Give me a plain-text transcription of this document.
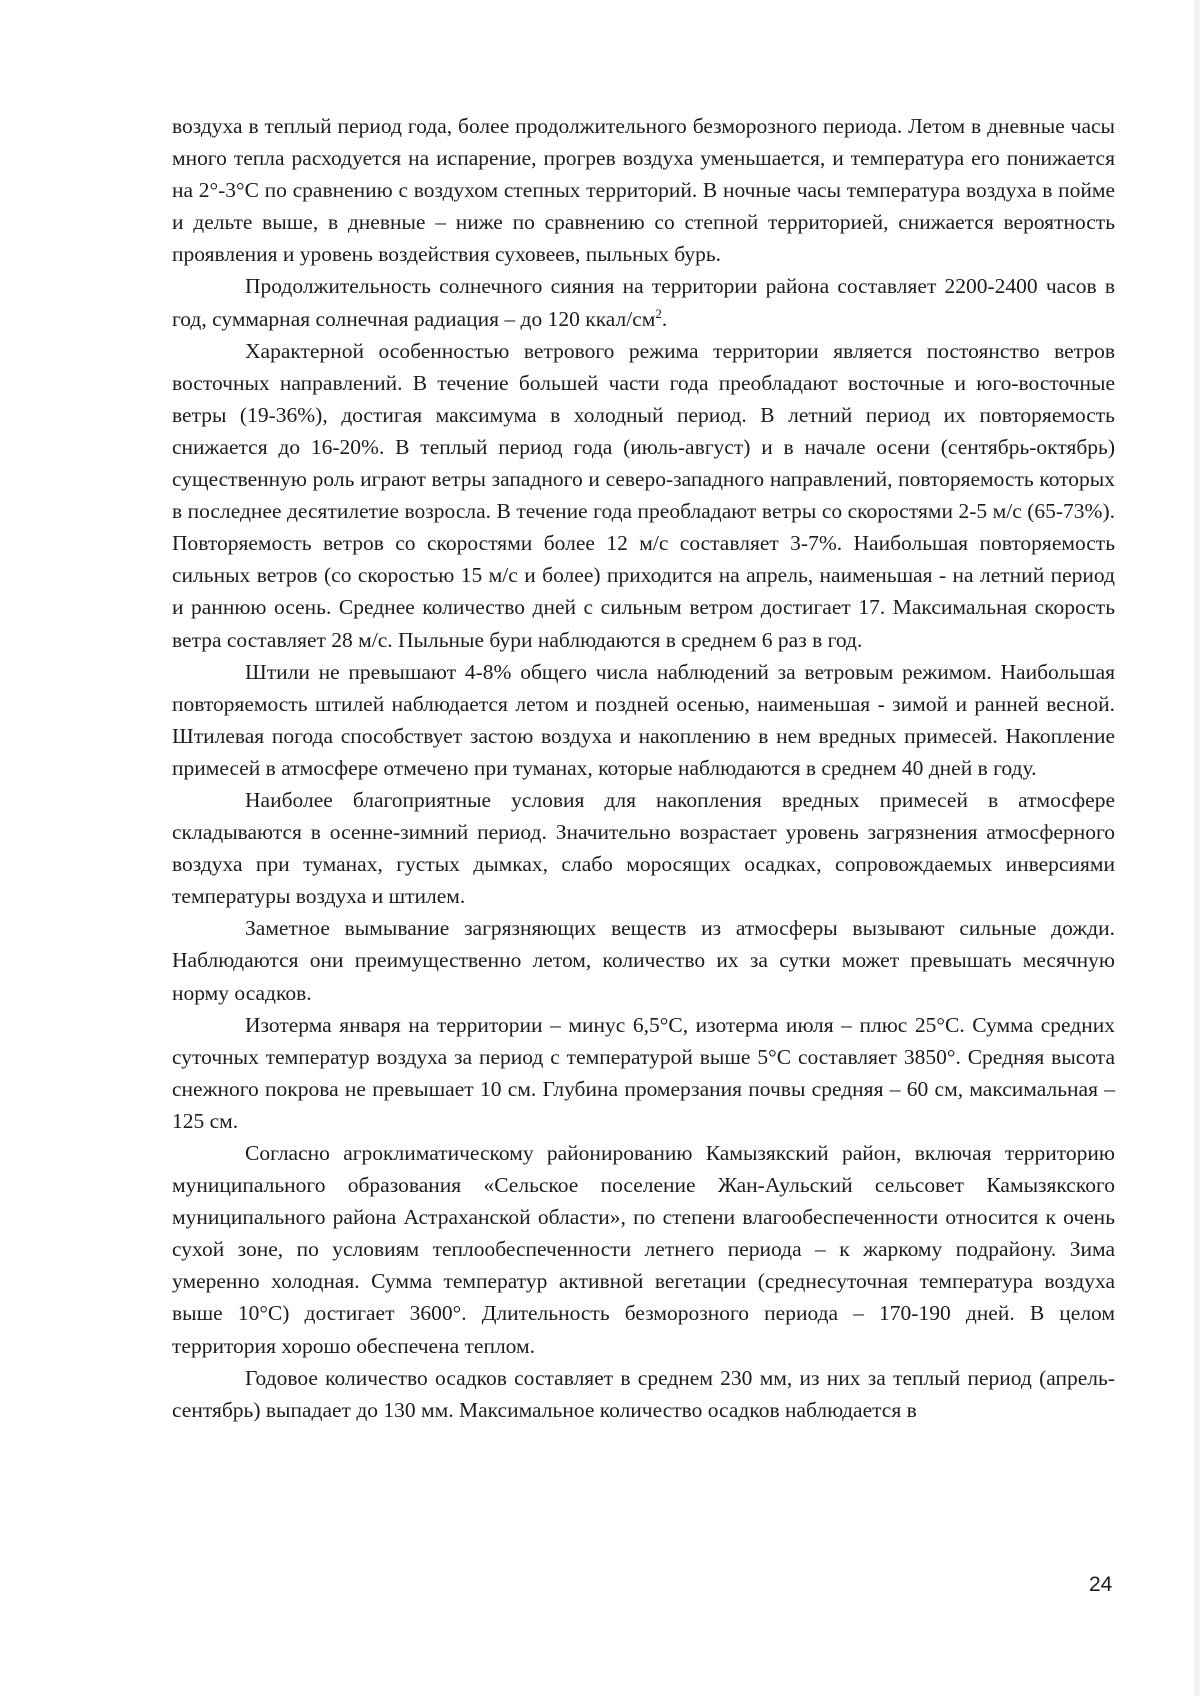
воздуха в теплый период года, более продолжительного безморозного периода. Летом в дневные часы много тепла расходуется на испарение, прогрев воздуха уменьшается, и температура его понижается на 2°-3°С по сравнению с воздухом степных территорий. В ночные часы температура воздуха в пойме и дельте выше, в дневные – ниже по сравнению со степной территорией, снижается вероятность проявления и уровень воздействия суховеев, пыльных бурь.

Продолжительность солнечного сияния на территории района составляет 2200-2400 часов в год, суммарная солнечная радиация – до 120 ккал/$см^2$.

Характерной особенностью ветрового режима территории является постоянство ветров восточных направлений. В течение большей части года преобладают восточные и юго-восточные ветры (19-36%), достигая максимума в холодный период. В летний период их повторяемость снижается до 16-20%. В теплый период года (июль-август) и в начале осени (сентябрь-октябрь) существенную роль играют ветры западного и северо-западного направлений, повторяемость которых в последнее десятилетие возросла. В течение года преобладают ветры со скоростями 2-5 м/с (65-73%). Повторяемость ветров со скоростями более 12 м/с составляет 3-7%. Наибольшая повторяемость сильных ветров (со скоростью 15 м/с и более) приходится на апрель, наименьшая - на летний период и раннюю осень. Среднее количество дней с сильным ветром достигает 17. Максимальная скорость ветра составляет 28 м/с. Пыльные бури наблюдаются в среднем 6 раз в год.

Штили не превышают 4-8% общего числа наблюдений за ветровым режимом. Наибольшая повторяемость штилей наблюдается летом и поздней осенью, наименьшая - зимой и ранней весной. Штилевая погода способствует застою воздуха и накоплению в нем вредных примесей. Накопление примесей в атмосфере отмечено при туманах, которые наблюдаются в среднем 40 дней в году.

Наиболее благоприятные условия для накопления вредных примесей в атмосфере складываются в осенне-зимний период. Значительно возрастает уровень загрязнения атмосферного воздуха при туманах, густых дымках, слабо моросящих осадках, сопровождаемых инверсиями температуры воздуха и штилем.

Заметное вымывание загрязняющих веществ из атмосферы вызывают сильные дожди. Наблюдаются они преимущественно летом, количество их за сутки может превышать месячную норму осадков.

Изотерма января на территории – минус 6,5°С, изотерма июля – плюс 25°С. Сумма средних суточных температур воздуха за период с температурой выше 5°С составляет 3850°. Средняя высота снежного покрова не превышает 10 см. Глубина промерзания почвы средняя – 60 см, максимальная – 125 см.

Согласно агроклиматическому районированию Камызякский район, включая территорию муниципального образования «Сельское поселение Жан-Аульский сельсовет Камызякского муниципального района Астраханской области», по степени влагообеспеченности относится к очень сухой зоне, по условиям теплообеспеченности летнего периода – к жаркому подрайону. Зима умеренно холодная. Сумма температур активной вегетации (среднесуточная температура воздуха выше 10°С) достигает 3600°. Длительность безморозного периода – 170-190 дней. В целом территория хорошо обеспечена теплом.

Годовое количество осадков составляет в среднем 230 мм, из них за теплый период (апрель-сентябрь) выпадает до 130 мм. Максимальное количество осадков наблюдается в

24
